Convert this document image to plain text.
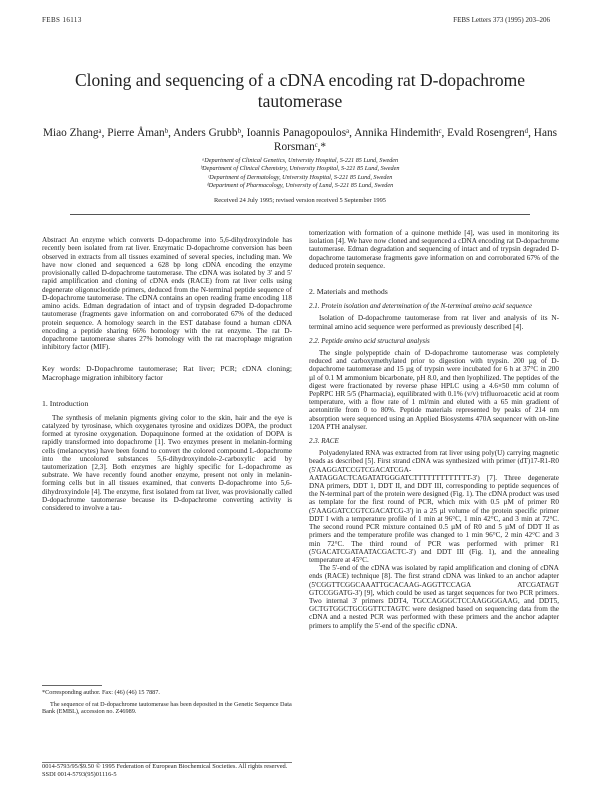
FEBS 16113	FEBS Letters 373 (1995) 203–206
Cloning and sequencing of a cDNA encoding rat D-dopachrome tautomerase
Miao Zhangᵃ, Pierre Åmanᵇ, Anders Grubbᵇ, Ioannis Panagopoulosᵃ, Annika Hindemithᶜ, Evald Rosengrenᵈ, Hans Rorsmanᶜ,*
ᵃDepartment of Clinical Genetics, University Hospital, S-221 85 Lund, Sweden
ᵇDepartment of Clinical Chemistry, University Hospital, S-221 85 Lund, Sweden
ᶜDepartment of Dermatology, University Hospital, S-221 85 Lund, Sweden
ᵈDepartment of Pharmacology, University of Lund, S-221 85 Lund, Sweden
Received 24 July 1995; revised version received 5 September 1995
Abstract An enzyme which converts D-dopachrome into 5,6-dihydroxyindole has recently been isolated from rat liver. Enzymatic D-dopachrome conversion has been observed in extracts from all tissues examined of several species, including man. We have now cloned and sequenced a 628 bp long cDNA encoding the enzyme provisionally called D-dopachrome tautomerase. The cDNA was isolated by 3' and 5' rapid amplification and cloning of cDNA ends (RACE) from rat liver cells using degenerate oligonucleotide primers, deduced from the N-terminal peptide sequence of D-dopachrome tautomerase. The cDNA contains an open reading frame encoding 118 amino acids. Edman degradation of intact and of trypsin degraded D-dopachrome tautomerase (fragments gave information on and corroborated 67% of the deduced protein sequence. A homology search in the EST database found a human cDNA encoding a peptide sharing 66% homology with the rat enzyme. The rat D-dopachrome tautomerase shares 27% homology with the rat macrophage migration inhibitory factor (MIF).
Key words: D-Dopachrome tautomerase; Rat liver; PCR; cDNA cloning; Macrophage migration inhibitory factor
1. Introduction

The synthesis of melanin pigments giving color to the skin, hair and the eye is catalyzed by tyrosinase, which oxygenates tyrosine and oxidizes DOPA, the product formed at tyrosine oxygenation. Dopaquinone formed at the oxidation of DOPA is rapidly transformed into dopachrome [1]. Two enzymes present in melanin-forming cells (melanocytes) have been found to convert the colored compound L-dopachrome into the uncolored substances 5,6-dihydroxyindole-2-carboxylic acid by tautomerization [2,3]. Both enzymes are highly specific for L-dopachrome as substrate. We have recently found another enzyme, present not only in melanin-forming cells but in all tissues examined, that converts D-dopachrome into 5,6-dihydroxyindole [4]. The enzyme, first isolated from rat liver, was provisionally called D-dopachrome tautomerase because its D-dopachrome converting activity is considered to involve a tau-

*Corresponding author. Fax: (46) (46) 15 7887.
The sequence of rat D-dopachrome tautomerase has been deposited in the Genetic Sequence Data Bank (EMBL), accession no. Z46989.
0014-5793/95/$9.50 © 1995 Federation of European Biochemical Societies. All rights reserved.
SSDI 0014-5793(95)01116-5

tomerization with formation of a quinone methide [4], was used in monitoring its isolation [4]. We have now cloned and sequenced a cDNA encoding rat D-dopachrome tautomerase. Edman degradation and sequencing of intact and of trypsin degraded D-dopachrome tautomerase fragments gave information on and corroborated 67% of the deduced protein sequence.

2. Materials and methods
2.1. Protein isolation and determination of the N-terminal amino acid sequence

Isolation of D-dopachrome tautomerase from rat liver and analysis of its N-terminal amino acid sequence were performed as previously described [4].

2.2. Peptide amino acid structural analysis

The single polypeptide chain of D-dopachrome tautomerase was completely reduced and carboxymethylated prior to digestion with trypsin. 200 µg of D-dopachrome tautomerase and 15 µg of trypsin were incubated for 6 h at 37°C in 200 µl of 0.1 M ammonium bicarbonate, pH 8.0, and then lyophilized. The peptides of the digest were fractionated by reverse phase HPLC using a 4.6×50 mm column of PepRPC HR 5/5 (Pharmacia), equilibrated with 0.1% (v/v) trifluoroacetic acid at room temperature, with a flow rate of 1 ml/min and eluted with a 65 min gradient of acetonitrile from 0 to 80%. Peptide materials represented by peaks of 214 nm absorption were sequenced using an Applied Biosystems 470A sequencer with on-line 120A PTH analyser.

2.3. RACE

Polyadenylated RNA was extracted from rat liver using poly(U) carrying magnetic beads as described [5]. First strand cDNA was synthesized with primer (dT)17-R1-R0 (5'AAGGATCCGTCGACATCGA-AATAGGACTCAGATATGGGATCTTTTTTTTTTTTT-3') [7]. Three degenerate DNA primers, DDT 1, DDT II, and DDT III, corresponding to peptide sequences of the N-terminal part of the protein were designed (Fig. 1). The cDNA product was used as template for the first round of PCR, which mix with 0.5 µM of primer R0 (5'AAGGATCCGTCGACATCG-3') in a 25 µl volume of the protein specific primer DDT I with a temperature profile of 1 min at 96°C, 1 min 42°C, and 3 min at 72°C. The second round PCR mixture contained 0.5 µM of R0 and 5 µM of DDT II as primers and the temperature profile was changed to 1 min 96°C, 2 min 42°C and 3 min 72°C. The third round of PCR was performed with primer R1 (5'GACATCGATAATACGACTC-3') and DDT III (Fig. 1), and the annealing temperature at 45°C.

The 5'-end of the cDNA was isolated by rapid amplification and cloning of cDNA ends (RACE) technique [8]. The first strand cDNA was linked to an anchor adapter (5'CGGTTCGGCAAATTGCACAAG-AGGTTCCAGA ATCGATAGT GTCCGGATG-3') [9], which could be used as target sequences for two PCR primers. Two internal 3' primers DDT4, TGCCAGGGCTCCAAGGGGAAG, and DDT5, GCTGTGGCTGCGGTTCTAGTC were designed based on sequencing data from the cDNA and a nested PCR was performed with these primers and the anchor adapter primers to amplify the 5'-end of the specific cDNA.
